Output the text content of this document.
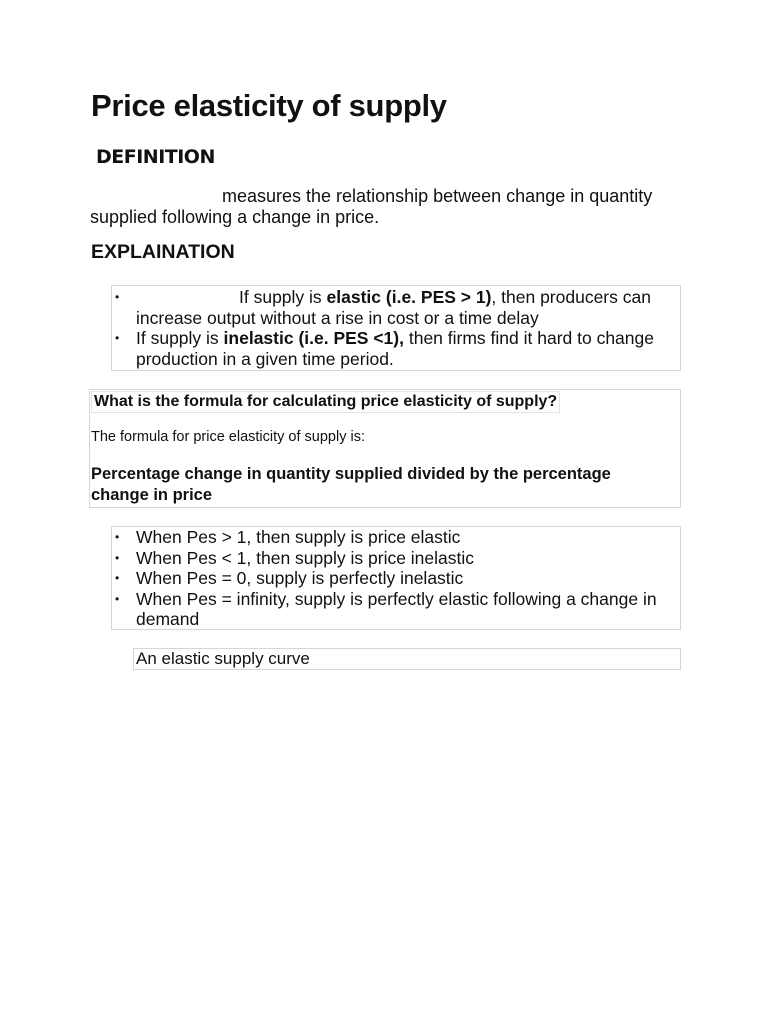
Price elasticity of supply
DEFINITION
measures the relationship between change in quantity supplied following a change in price.
EXPLAINATION
•	If supply is elastic (i.e. PES > 1), then producers can increase output without a rise in cost or a time delay
• If supply is inelastic (i.e. PES <1), then firms find it hard to change production in a given time period.
What is the formula for calculating price elasticity of supply?
The formula for price elasticity of supply is:
Percentage change in quantity supplied divided by the percentage change in price
• When Pes > 1, then supply is price elastic
• When Pes < 1, then supply is price inelastic
• When Pes = 0, supply is perfectly inelastic
• When Pes = infinity, supply is perfectly elastic following a change in demand
An elastic supply curve
